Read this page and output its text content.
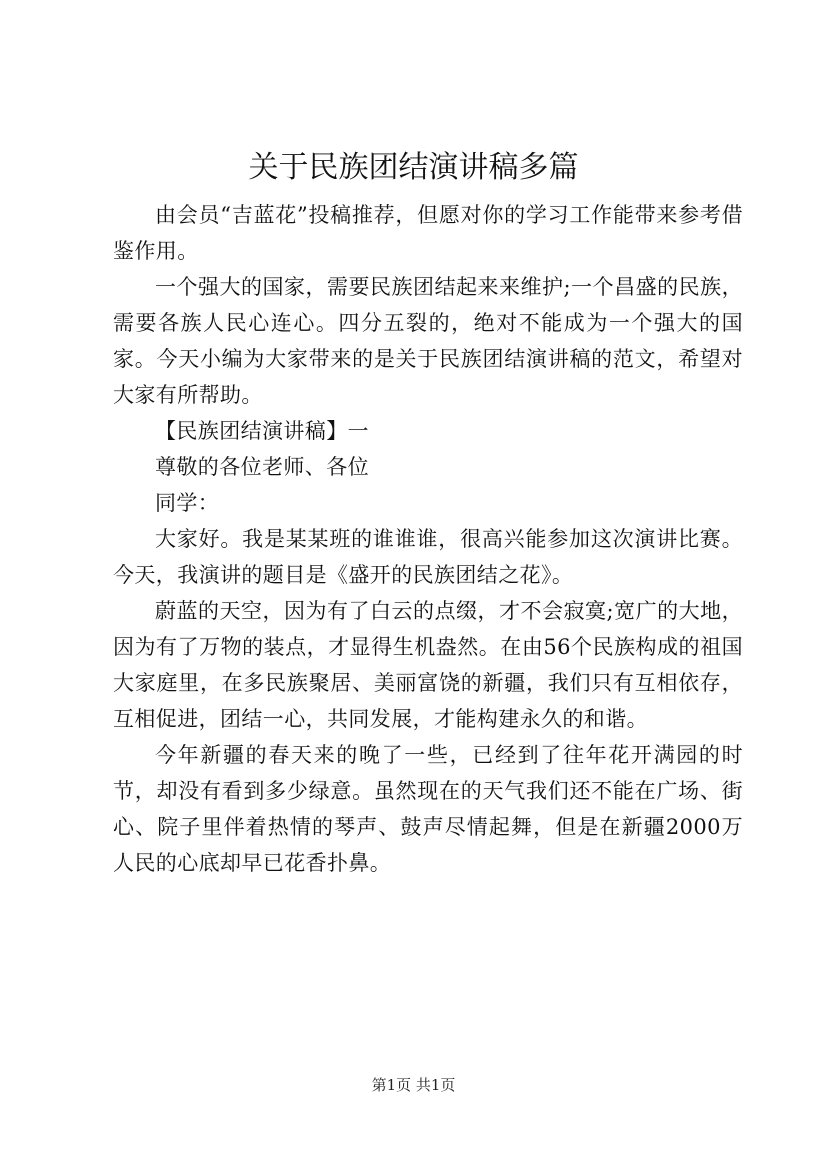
关于民族团结演讲稿多篇

由会员“吉蓝花”投稿推荐，但愿对你的学习工作能带来参考借鉴作用。

一个强大的国家，需要民族团结起来来维护;一个昌盛的民族，需要各族人民心连心。四分五裂的，绝对不能成为一个强大的国家。今天小编为大家带来的是关于民族团结演讲稿的范文，希望对大家有所帮助。

【民族团结演讲稿】一

尊敬的各位老师、各位

同学：

大家好。我是某某班的谁谁谁，很高兴能参加这次演讲比赛。今天，我演讲的题目是《盛开的民族团结之花》。

蔚蓝的天空，因为有了白云的点缀，才不会寂寞;宽广的大地，因为有了万物的装点，才显得生机盎然。在由56个民族构成的祖国大家庭里，在多民族聚居、美丽富饶的新疆，我们只有互相依存，互相促进，团结一心，共同发展，才能构建永久的和谐。

今年新疆的春天来的晚了一些，已经到了往年花开满园的时节，却没有看到多少绿意。虽然现在的天气我们还不能在广场、街心、院子里伴着热情的琴声、鼓声尽情起舞，但是在新疆2000万人民的心底却早已花香扑鼻。

第1页 共1页
